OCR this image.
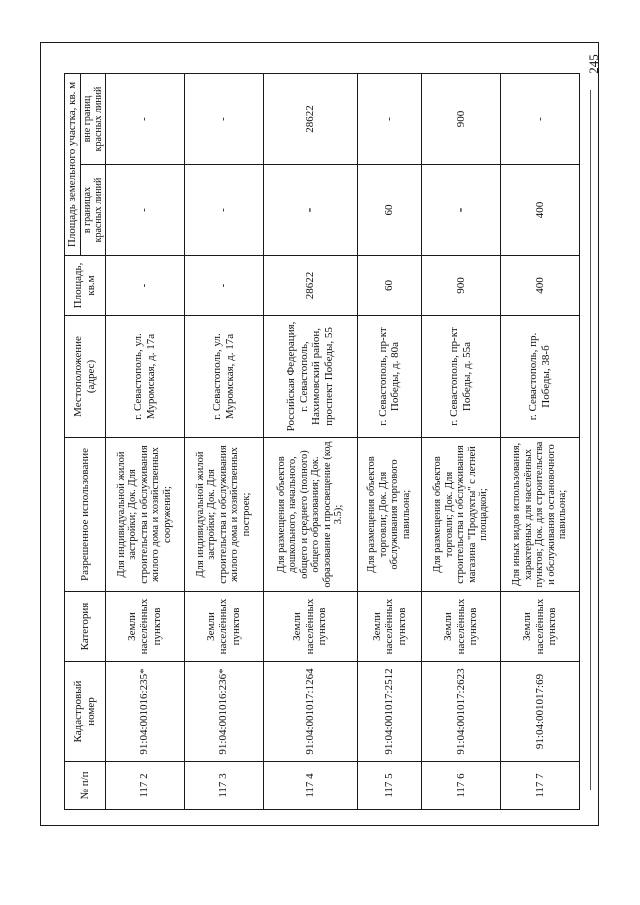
245
№ п/п	Кадастровый номер	Категория	Разрешенное использование	Местоположение (адрес)	Площадь, кв.м	Площадь земельного участка, кв. м	
						в границах красных линий	вне границ красных линий
117 2	91:04:001016:235*	Земли населённых пунктов	Для индивидуальной жилой застройки; Док. Для строительства и обслуживания жилого дома и хозяйственных сооружений;	г. Севастополь, ул. Муромская, д. 17а	-	-	-
117 3	91:04:001016:236*	Земли населённых пунктов	Для индивидуальной жилой застройки; Док. Для строительства и обслуживания жилого дома и хозяйственных построек;	г. Севастополь, ул. Муромская, д. 17а	-	-	-
117 4	91:04:001017:1264	Земли населённых пунктов	Для размещения объектов дошкольного, начального, общего и среднего (полного) общего образования; Док. образование и просвещение (код 3.5);	Российская Федерация, г. Севастополь, Нахимовский район, проспект Победы, 55	28622	-	28622
117 5	91:04:001017:2512	Земли населённых пунктов	Для размещения объектов торговли; Док. Для обслуживания торгового павильона;	г. Севастополь, пр-кт Победы, д. 80а	60	60	-
117 6	91:04:001017:2623	Земли населённых пунктов	Для размещения объектов торговли; Док. Для строительства и обслуживания магазина "Продукты" с летней площадкой;	г. Севастополь, пр-кт Победы, д. 55а	900	-	900
117 7	91:04:001017:69	Земли населённых пунктов	Для иных видов использования, характерных для населённых пунктов; Док. для строительства и обслуживания остановочного павильона;	г. Севастополь, пр. Победы, 38-б	400	400	-
